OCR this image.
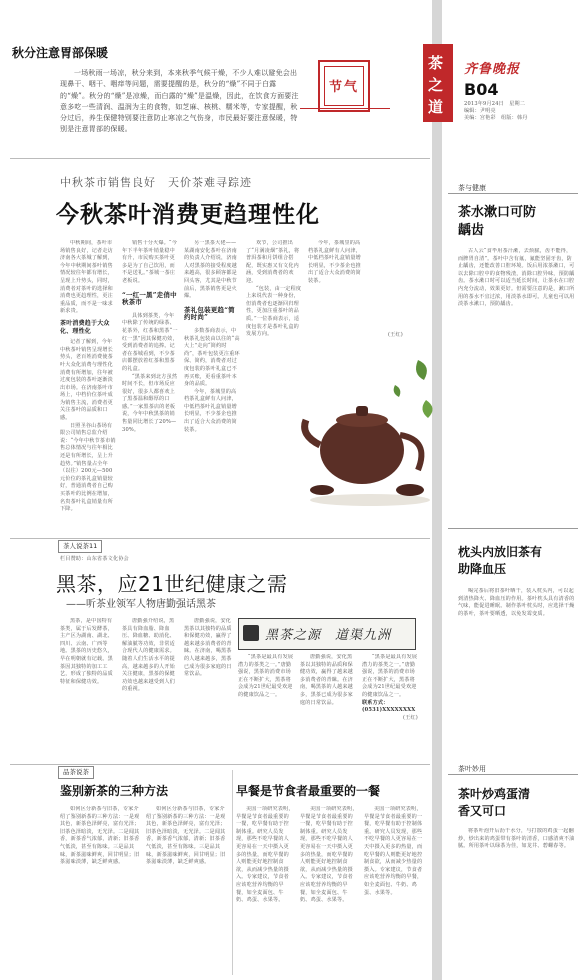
秋分注意胃部保暖
一场秋雨一场凉，秋分来到，本来秋季气候干燥，不少人难以避免会出现鼻干、咽干、咽痒等问题，需要提醒的是，秋分的“燥”不同于白露的“燥”。秋分的“燥”是凉燥，而白露的“燥”是温燥，因此，在饮食方面要注意多吃一些清润、温润为主的食物，如芝麻、核桃、糯米等，专家提醒，秋分过后，养生保健特别要注意防止寒凉之气伤身，市民最好要注意保暖，特别是注意胃部的保暖。
节气
茶之道
齐鲁晚报
B04
2013年9月24日　星期二
编辑：尹明亮
美编：宫艳彩　组版：韩丹
中秋茶市销售良好　天价茶难寻踪迹
今秋茶叶消费更趋理性化

中秋期间，茶叶市场销售良好，记者走访济南各大茶城了解到，今年中秋期间茶叶销售情况较往年都有增长，呈现上升势头，同时，消费者对茶叶的选择和消费也更趋理性，更注重品质，而不是一味求新求贵。

茶叶消费趋于大众化、理性化

记者了解到，今年中秋茶叶销售呈现增长势头，老百姓消费使茶叶大众化消费与理性化消费有所增加，往年被过度包装的茶叶逐渐淡出市场。在济南茶叶市场上，中档价位茶叶成为销售主流，消费者更关注茶叶的品质和口感。

日照圣谷山茶场有限公司销售总监介绍说：“今年中秋节茶市销售总体情况与往年相比还是有所增长，呈上升趋势。”销售量占全年（以往）200元—500元价位的茶礼盒销量较好，普通消费者自己购买茶叶的比例在增加，名贵茶叶礼盒销量有所下降。

销售十分火爆。“今年下半年茶叶销量稳中有升，市民购买茶叶更多是为了自己饮用，而不是送礼。”茶城一茶庄老板说。

“一红一黑”走俏中秋茶市

具体到茶类，今年中秋除了传统的绿茶、花茶外，红茶和黑茶“一红一黑”因其保健功效，受到消费者的追捧。记者在茶城看到，不少茶店都摆放着红茶和黑茶的礼盒。

“黑茶来到北方虽然时间不长，但市场反应很好，很多人都喜欢上了黑茶温和醇厚的口感。”一家黑茶店的老板说，今年中秋黑茶的销售量同比增长了20%—30%。

另一黑茶大佬——某湖南安化茶叶在济南的负责人介绍说，济南人对黑茶的接受程度越来越高，很多顾客都是回头客，尤其是中秋节前后，黑茶销售更是火爆。

茶礼包装更趋“简约时尚”

多数茶商表示，中秋茶礼包装由以往的“高大上”走向“简约时尚”，茶叶包装更注重环保、简约，消费者对过度包装的茶叶礼盒已不再买账，更看重茶叶本身的品质。

今年，茶城里的高档茶礼盒鲜有人问津，中低档茶叶礼盒销量增长明显，不少茶企也推出了适合大众消费的简装茶。

欢节，公司推出了“月满凌烟”茶礼，将普洱茶和月饼组合搭配，既实惠又有文化内涵，受到消费者的欢迎。

“包装，由一定程度上来说代表一种身份，但消费者也逐渐回归理性，更加注重茶叶的品质。”一位茶商表示，适度包装才是茶叶礼盒的发展方向。

今年，茶城里的高档茶礼盒鲜有人问津，中低档茶叶礼盒销量增长明显，不少茶企也推出了适合大众消费的简装茶。

(王红)
茶与健康
茶水漱口可防龋齿
古人云“食毕用茶汁漱，去烦腻，齿不能得，而脾胃自清”。茶叶中含有氟，氟能坚固牙齿，防止龋齿，还能改善口腔环境。饭后用浓茶漱口，可以去除口腔中的食物残渣，消除口腔异味，预防龋齿。茶水漱口时可以适当延长时间，让茶水在口腔内充分流动，效果更好。但需要注意的是，漱口所用的茶水不宜过浓，用淡茶水即可。儿童也可以用淡茶水漱口，预防龋齿。
枕头内放旧茶有助降血压
喝完茶后将旧茶叶晒干，装入枕头内，可以起到清热降火、降血压的作用。茶叶枕头具有清香的气味，能促进睡眠。制作茶叶枕头时，应选择干燥的茶叶，茶叶要晒透，以免发霉变质。
茶叶妙用
茶叶炒鸡蛋清香又可口
将茶叶泡开后沥干水分，与打散的鸡蛋一起翻炒，炒出来的鸡蛋带有茶叶的清香，口感清爽不油腻。所用茶叶以绿茶为佳，如龙井、碧螺春等。
茶人说茶11
栏目赞助：山东省茶文化协会
黑茶，应21世纪健康之需
——听茶业领军人物唐勤强话黑茶
黑茶，是中国特有茶类，属于后发酵茶，主产区为湖南、湖北、四川、云南、广西等地。黑茶的历史悠久，早在明朝就有记载。黑茶因其独特的加工工艺，形成了独特的品质特征和保健功效。
唐勤强介绍说，黑茶具有降血脂、降血压、降血糖、助消化、解油腻等功效，非常适合现代人的健康需求。随着人们生活水平的提高，越来越多的人开始关注健康，黑茶的保健功效也越来越受到人们的重视。
唐勤强说，安化黑茶以其独特的品质和保健功效，赢得了越来越多消费者的青睐。在济南，喝黑茶的人越来越多，黑茶已成为很多家庭的日常饮品。
黑茶之源　道渠九洲
“黑茶是最具有发展潜力的茶类之一。”唐勤强说，黑茶的消费市场正在不断扩大，黑茶将会成为21世纪最受欢迎的健康饮品之一。
唐勤强说，安化黑茶以其独特的品质和保健功效，赢得了越来越多消费者的青睐。在济南，喝黑茶的人越来越多，黑茶已成为很多家庭的日常饮品。

“黑茶是最具有发展潜力的茶类之一。”唐勤强说，黑茶的消费市场正在不断扩大，黑茶将会成为21世纪最受欢迎的健康饮品之一。

联系方式：(0531)XXXXXXXX

(王红)

品茶说茶
鉴别新茶的三种方法
如何区分新茶与旧茶，专家介绍了鉴别新茶的三种方法：一是观其色，新茶色泽鲜亮，富有光泽；旧茶色泽暗淡，无光泽。二是闻其香，新茶香气浓郁，清新；旧茶香气低淡，甚至有陈味。三是品其味，新茶滋味鲜爽，回甘明显；旧茶滋味淡薄，缺乏鲜爽感。
如何区分新茶与旧茶，专家介绍了鉴别新茶的三种方法：一是观其色，新茶色泽鲜亮，富有光泽；旧茶色泽暗淡，无光泽。二是闻其香，新茶香气浓郁，清新；旧茶香气低淡，甚至有陈味。三是品其味，新茶滋味鲜爽，回甘明显；旧茶滋味淡薄，缺乏鲜爽感。
早餐是节食者最重要的一餐
美国一项研究表明，早餐是节食者最重要的一餐，吃早餐有助于控制体重。研究人员发现，那些不吃早餐的人更容易在一天中摄入更多的热量，而吃早餐的人则能更好地控制食欲，从而减少热量的摄入。专家建议，节食者应该吃营养均衡的早餐，如全麦面包、牛奶、鸡蛋、水果等。
美国一项研究表明，早餐是节食者最重要的一餐，吃早餐有助于控制体重。研究人员发现，那些不吃早餐的人更容易在一天中摄入更多的热量，而吃早餐的人则能更好地控制食欲，从而减少热量的摄入。专家建议，节食者应该吃营养均衡的早餐，如全麦面包、牛奶、鸡蛋、水果等。
美国一项研究表明，早餐是节食者最重要的一餐，吃早餐有助于控制体重。研究人员发现，那些不吃早餐的人更容易在一天中摄入更多的热量，而吃早餐的人则能更好地控制食欲，从而减少热量的摄入。专家建议，节食者应该吃营养均衡的早餐，如全麦面包、牛奶、鸡蛋、水果等。
